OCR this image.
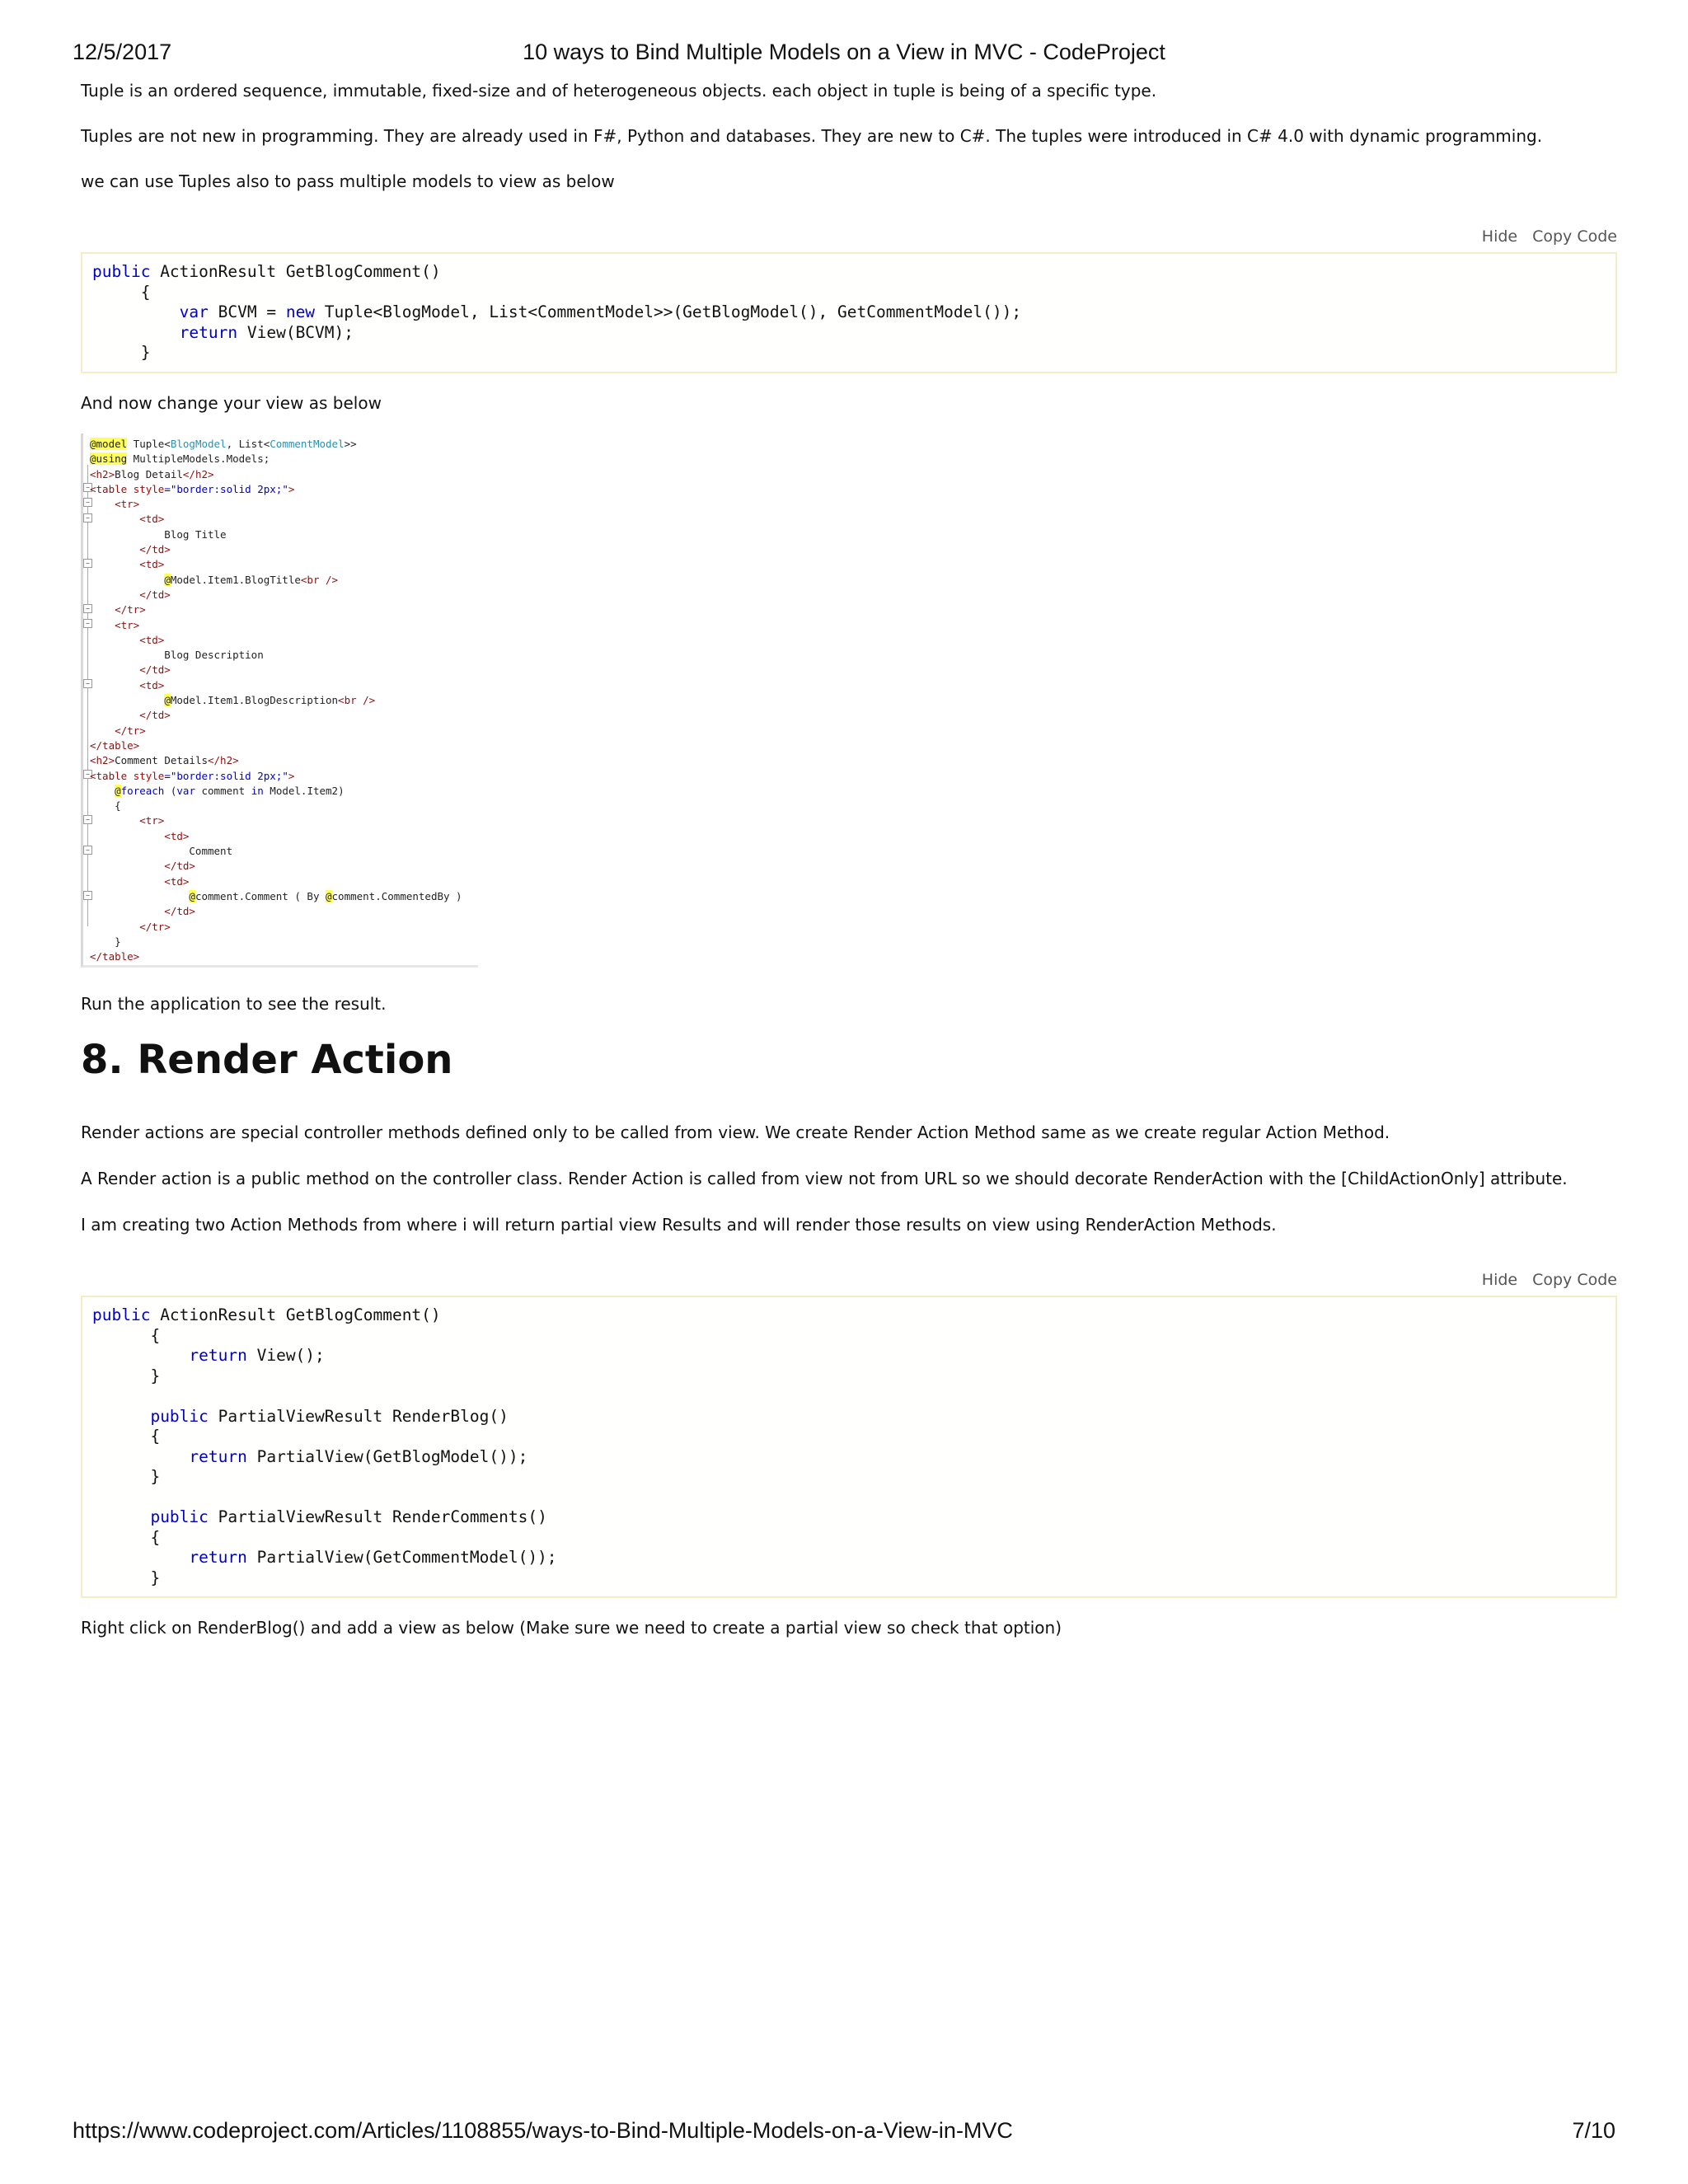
12/5/2017	10 ways to Bind Multiple Models on a View in MVC - CodeProject

Tuple is an ordered sequence, immutable, fixed-size and of heterogeneous objects. each object in tuple is being of a specific type.

Tuples are not new in programming. They are already used in F#, Python and databases. They are new to C#. The tuples were introduced in C# 4.0 with dynamic programming.

we can use Tuples also to pass multiple models to view as below

Hide Copy Code
public ActionResult GetBlogComment()
{
var BCVM = new Tuple<BlogModel, List<CommentModel>>(GetBlogModel(), GetCommentModel());
return View(BCVM);
}

And now change your view as below

−
−
−
−
−
−
−
−
−
−
−
@model Tuple<BlogModel, List<CommentModel>>
@using MultipleModels.Models;
<h2>Blog Detail</h2>
<table style="border:solid 2px;">
<tr>
<td>
Blog Title
</td>
<td>
@Model.Item1.BlogTitle<br />
</td>
</tr>
<tr>
<td>
Blog Description
</td>
<td>
@Model.Item1.BlogDescription<br />
</td>
</tr>
</table>
<h2>Comment Details</h2>
<table style="border:solid 2px;">
@foreach (var comment in Model.Item2)
{
<tr>
<td>
Comment
</td>
<td>
@comment.Comment ( By @comment.CommentedBy )
</td>
</tr>
}
</table>

Run the application to see the result.

8. Render Action

Render actions are special controller methods defined only to be called from view. We create Render Action Method same as we create regular Action Method.

A Render action is a public method on the controller class. Render Action is called from view not from URL so we should decorate RenderAction with the [ChildActionOnly] attribute.

I am creating two Action Methods from where i will return partial view Results and will render those results on view using RenderAction Methods.

Hide Copy Code
public ActionResult GetBlogComment()
{
return View();
}

public PartialViewResult RenderBlog()
{
return PartialView(GetBlogModel());
}

public PartialViewResult RenderComments()
{
return PartialView(GetCommentModel());
}

Right click on RenderBlog() and add a view as below (Make sure we need to create a partial view so check that option)

https://www.codeproject.com/Articles/1108855/ways-to-Bind-Multiple-Models-on-a-View-in-MVC	7/10
